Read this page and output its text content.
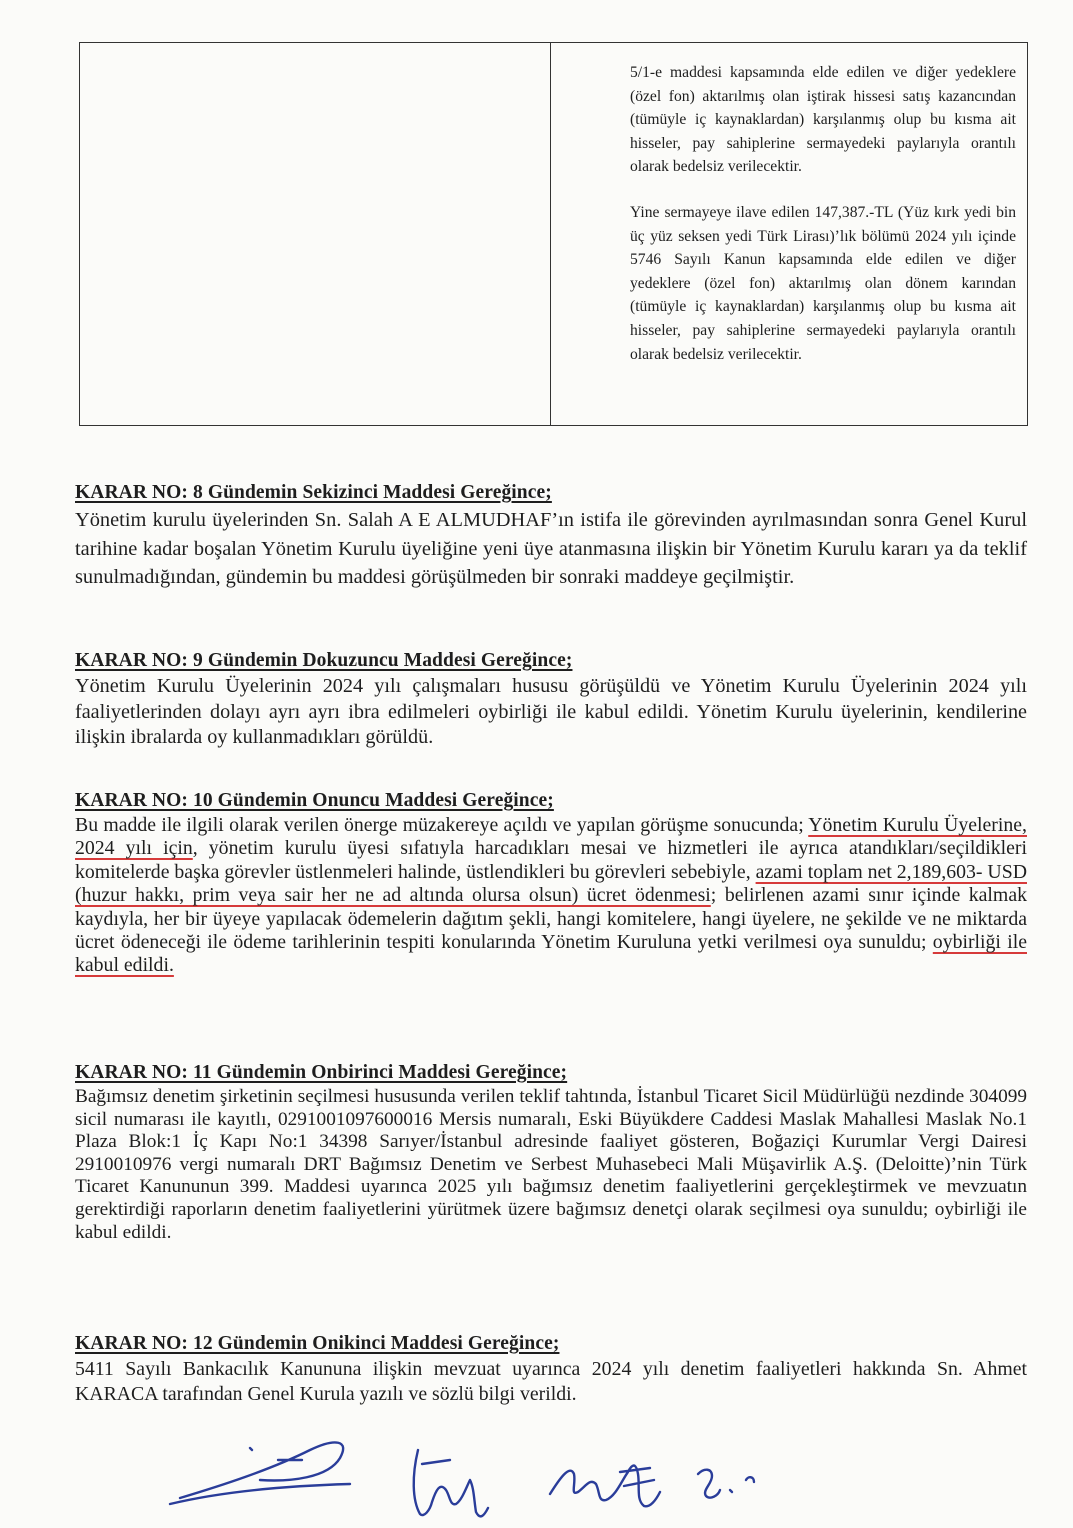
5/1-e maddesi kapsamında elde edilen ve diğer yedeklere (özel fon) aktarılmış olan iştirak hissesi satış kazancından (tümüyle iç kaynaklardan) karşılanmış olup bu kısma ait hisseler, pay sahiplerine sermayedeki paylarıyla orantılı olarak bedelsiz verilecektir.

Yine sermayeye ilave edilen 147,387.-TL (Yüz kırk yedi bin üç yüz seksen yedi Türk Lirası)’lık bölümü 2024 yılı içinde 5746 Sayılı Kanun kapsamında elde edilen ve diğer yedeklere (özel fon) aktarılmış olan dönem karından (tümüyle iç kaynaklardan) karşılanmış olup bu kısma ait hisseler, pay sahiplerine sermayedeki paylarıyla orantılı olarak bedelsiz verilecektir.

KARAR NO: 8 Gündemin Sekizinci Maddesi Gereğince;

Yönetim kurulu üyelerinden Sn. Salah A E ALMUDHAF’ın istifa ile görevinden ayrılmasından sonra Genel Kurul tarihine kadar boşalan Yönetim Kurulu üyeliğine yeni üye atanmasına ilişkin bir Yönetim Kurulu kararı ya da teklif sunulmadığından, gündemin bu maddesi görüşülmeden bir sonraki maddeye geçilmiştir.

KARAR NO: 9 Gündemin Dokuzuncu Maddesi Gereğince;

Yönetim Kurulu Üyelerinin 2024 yılı çalışmaları hususu görüşüldü ve Yönetim Kurulu Üyelerinin 2024 yılı faaliyetlerinden dolayı ayrı ayrı ibra edilmeleri oybirliği ile kabul edildi. Yönetim Kurulu üyelerinin, kendilerine ilişkin ibralarda oy kullanmadıkları görüldü.

KARAR NO: 10 Gündemin Onuncu Maddesi Gereğince;

Bu madde ile ilgili olarak verilen önerge müzakereye açıldı ve yapılan görüşme sonucunda; Yönetim Kurulu Üyelerine, 2024 yılı için, yönetim kurulu üyesi sıfatıyla harcadıkları mesai ve hizmetleri ile ayrıca atandıkları/seçildikleri komitelerde başka görevler üstlenmeleri halinde, üstlendikleri bu görevleri sebebiyle, azami toplam net 2,189,603- USD (huzur hakkı, prim veya sair her ne ad altında olursa olsun) ücret ödenmesi; belirlenen azami sınır içinde kalmak kaydıyla, her bir üyeye yapılacak ödemelerin dağıtım şekli, hangi komitelere, hangi üyelere, ne şekilde ve ne miktarda ücret ödeneceği ile ödeme tarihlerinin tespiti konularında Yönetim Kuruluna yetki verilmesi oya sunuldu; oybirliği ile kabul edildi.

KARAR NO: 11 Gündemin Onbirinci Maddesi Gereğince;

Bağımsız denetim şirketinin seçilmesi hususunda verilen teklif tahtında, İstanbul Ticaret Sicil Müdürlüğü nezdinde 304099 sicil numarası ile kayıtlı, 0291001097600016 Mersis numaralı, Eski Büyükdere Caddesi Maslak Mahallesi Maslak No.1 Plaza Blok:1 İç Kapı No:1 34398 Sarıyer/İstanbul adresinde faaliyet gösteren, Boğaziçi Kurumlar Vergi Dairesi 2910010976 vergi numaralı DRT Bağımsız Denetim ve Serbest Muhasebeci Mali Müşavirlik A.Ş. (Deloitte)’nin Türk Ticaret Kanununun 399. Maddesi uyarınca 2025 yılı bağımsız denetim faaliyetlerini gerçekleştirmek ve mevzuatın gerektirdiği raporların denetim faaliyetlerini yürütmek üzere bağımsız denetçi olarak seçilmesi oya sunuldu; oybirliği ile kabul edildi.

KARAR NO: 12 Gündemin Onikinci Maddesi Gereğince;

5411 Sayılı Bankacılık Kanununa ilişkin mevzuat uyarınca 2024 yılı denetim faaliyetleri hakkında Sn. Ahmet KARACA tarafından Genel Kurula yazılı ve sözlü bilgi verildi.
